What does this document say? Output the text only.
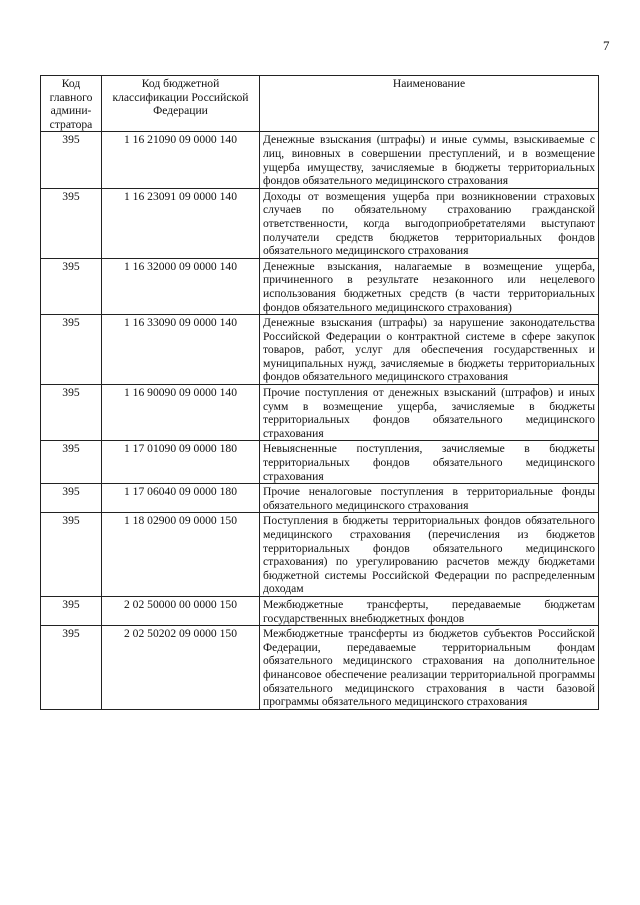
7
Код главного админи-стратора	Код бюджетной классификации Российской Федерации	Наименование
395	1 16 21090 09 0000 140	Денежные взыскания (штрафы) и иные суммы, взыскиваемые с лиц, виновных в совершении преступлений, и в возмещение ущерба имуществу, зачисляемые в бюджеты территориальных фондов обязательного медицинского страхования
395	1 16 23091 09 0000 140	Доходы от возмещения ущерба при возникновении страховых случаев по обязательному страхованию гражданской ответственности, когда выгодоприобретателями выступают получатели средств бюджетов территориальных фондов обязательного медицинского страхования
395	1 16 32000 09 0000 140	Денежные взыскания, налагаемые в возмещение ущерба, причиненного в результате незаконного или нецелевого использования бюджетных средств (в части территориальных фондов обязательного медицинского страхования)
395	1 16 33090 09 0000 140	Денежные взыскания (штрафы) за нарушение законодательства Российской Федерации о контрактной системе в сфере закупок товаров, работ, услуг для обеспечения государственных и муниципальных нужд, зачисляемые в бюджеты территориальных фондов обязательного медицинского страхования
395	1 16 90090 09 0000 140	Прочие поступления от денежных взысканий (штрафов) и иных сумм в возмещение ущерба, зачисляемые в бюджеты территориальных фондов обязательного медицинского страхования
395	1 17 01090 09 0000 180	Невыясненные поступления, зачисляемые в бюджеты территориальных фондов обязательного медицинского страхования
395	1 17 06040 09 0000 180	Прочие неналоговые поступления в территориальные фонды обязательного медицинского страхования
395	1 18 02900 09 0000 150	Поступления в бюджеты территориальных фондов обязательного медицинского страхования (перечисления из бюджетов территориальных фондов обязательного медицинского страхования) по урегулированию расчетов между бюджетами бюджетной системы Российской Федерации по распределенным доходам
395	2 02 50000 00 0000 150	Межбюджетные трансферты, передаваемые бюджетам государственных внебюджетных фондов
395	2 02 50202 09 0000 150	Межбюджетные трансферты из бюджетов субъектов Российской Федерации, передаваемые территориальным фондам обязательного медицинского страхования на дополнительное финансовое обеспечение реализации территориальной программы обязательного медицинского страхования в части базовой программы обязательного медицинского страхования
